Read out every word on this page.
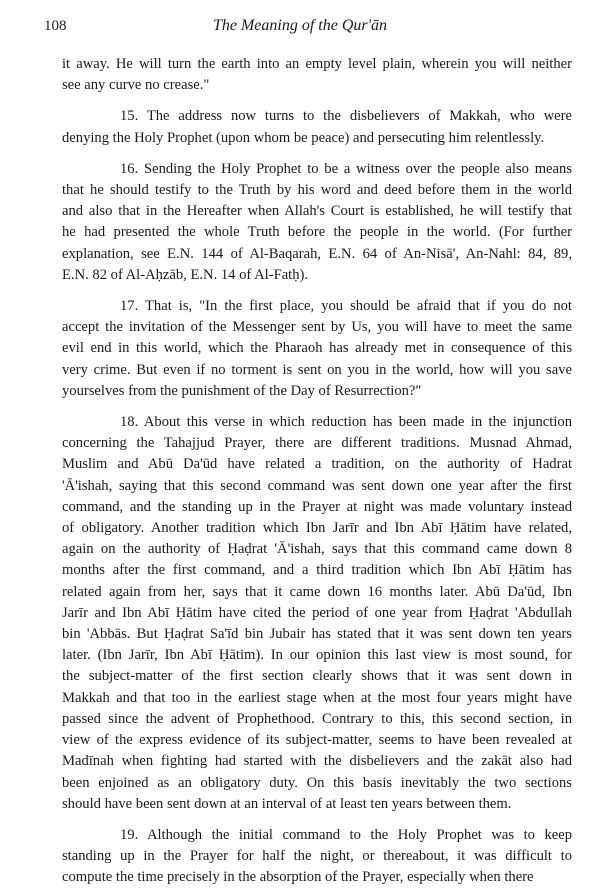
108	The Meaning of the Qur'ān

it away. He will turn the earth into an empty level plain, wherein you will neither
see any curve no crease."

15. The address now turns to the disbelievers of Makkah, who were
denying the Holy Prophet (upon whom be peace) and persecuting him relentlessly.

16. Sending the Holy Prophet to be a witness over the people also means
that he should testify to the Truth by his word and deed before them in the world
and also that in the Hereafter when Allah's Court is established, he will testify that
he had presented the whole Truth before the people in the world. (For further
explanation, see E.N. 144 of Al-Baqarah, E.N. 64 of An-Nisā', An-Nahl: 84, 89,
E.N. 82 of Al-Aḥzāb, E.N. 14 of Al-Fatḥ).

17. That is, "In the first place, you should be afraid that if you do not
accept the invitation of the Messenger sent by Us, you will have to meet the same
evil end in this world, which the Pharaoh has already met in consequence of this
very crime. But even if no torment is sent on you in the world, how will you save
yourselves from the punishment of the Day of Resurrection?"

18. About this verse in which reduction has been made in the injunction
concerning the Tahajjud Prayer, there are different traditions. Musnad Ahmad,
Muslim and Abū Da'ūd have related a tradition, on the authority of Hadrat
'Ā'ishah, saying that this second command was sent down one year after the first
command, and the standing up in the Prayer at night was made voluntary instead
of obligatory. Another tradition which Ibn Jarīr and Ibn Abī Ḥātim have related,
again on the authority of Ḥaḍrat 'Ā'ishah, says that this command came down 8
months after the first command, and a third tradition which Ibn Abī Ḥātim has
related again from her, says that it came down 16 months later. Abū Da'ūd, Ibn
Jarīr and Ibn Abī Ḥātim have cited the period of one year from Ḥaḍrat 'Abdullah
bin 'Abbās. But Ḥaḍrat Sa'īd bin Jubair has stated that it was sent down ten years
later. (Ibn Jarīr, Ibn Abī Ḥātim). In our opinion this last view is most sound, for
the subject-matter of the first section clearly shows that it was sent down in
Makkah and that too in the earliest stage when at the most four years might have
passed since the advent of Prophethood. Contrary to this, this second section, in
view of the express evidence of its subject-matter, seems to have been revealed at
Madīnah when fighting had started with the disbelievers and the zakāt also had
been enjoined as an obligatory duty. On this basis inevitably the two sections
should have been sent down at an interval of at least ten years between them.

19. Although the initial command to the Holy Prophet was to keep
standing up in the Prayer for half the night, or thereabout, it was difficult to
compute the time precisely in the absorption of the Prayer, especially when there
